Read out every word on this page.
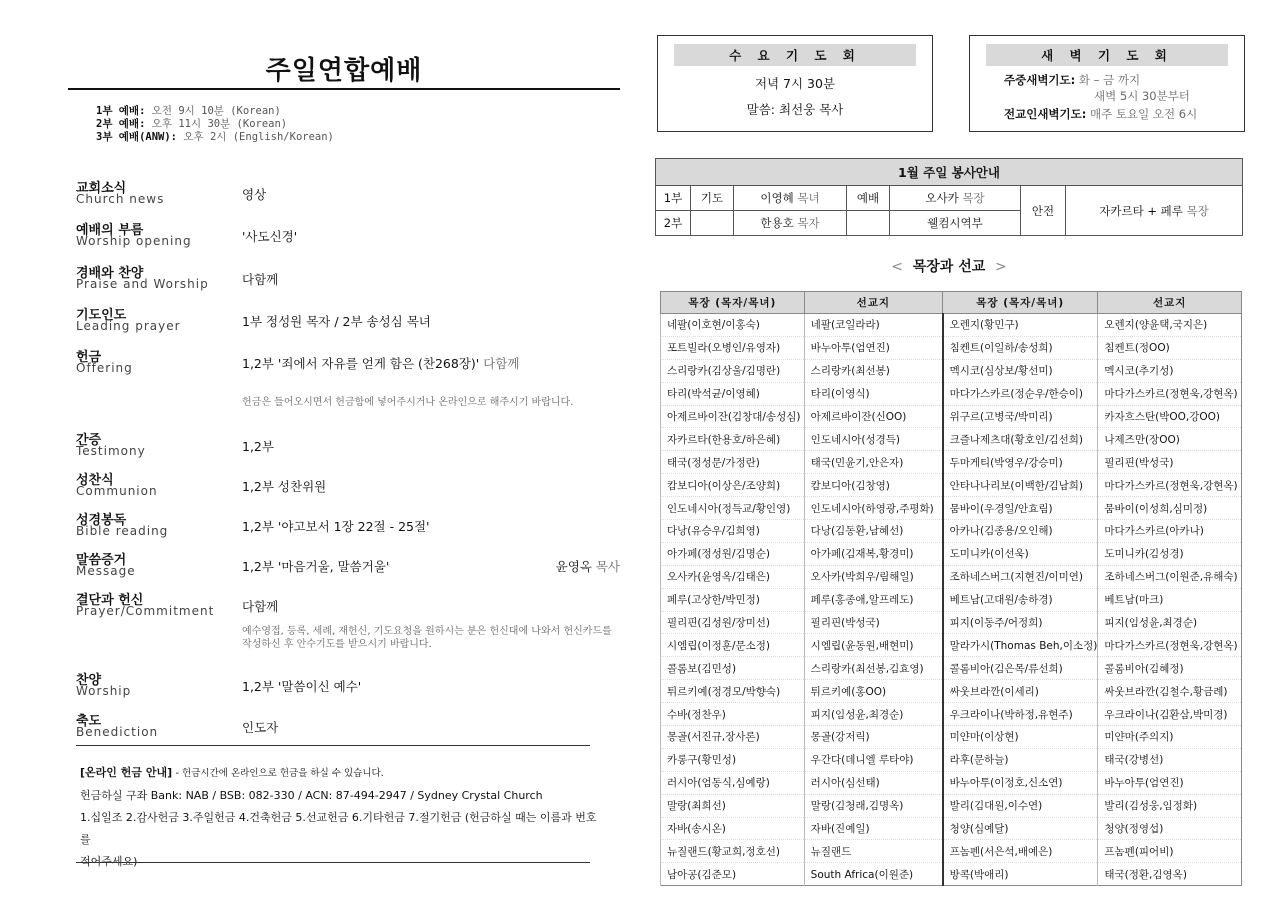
주일연합예배
1부 예배: 오전 9시 10분 (Korean)
2부 예배: 오후 11시 30분 (Korean)
3부 예배(ANW): 오후 2시 (English/Korean)
교회소식
Church news	영상
예배의 부름
Worship opening	'사도신경'
경배와 찬양
Praise and Worship	다함께
기도인도
Leading prayer	1부 정성원 목자 / 2부 송성심 목녀
헌금
Offering	1,2부 '죄에서 자유를 얻게 함은 (찬268장)' 다함께
헌금은 들어오시면서 헌금함에 넣어주시거나 온라인으로 해주시기 바랍니다.
간증
Testimony	1,2부
성찬식
Communion	1,2부 성찬위원
성경봉독
Bible reading	1,2부 '야고보서 1장 22절 - 25절'
말씀증거
Message	1,2부 '마음거울, 말씀거울'	윤영옥 목사
결단과 헌신
Prayer/Commitment 다함께
예수영접, 등록, 세례, 재헌신, 기도요청을 원하시는 분은 헌신대에 나와서 헌신카드를 작성하신 후 안수기도를 받으시기 바랍니다.
찬양
Worship	1,2부 '말씀이신 예수'
축도
Benediction	인도자
[온라인 헌금 안내] - 헌금시간에 온라인으로 헌금을 하실 수 있습니다.
헌금하실 구좌 Bank: NAB / BSB: 082-330 / ACN: 87-494-2947 / Sydney Crystal Church
1.십일조 2.감사헌금 3.주일헌금 4.건축헌금 5.선교헌금 6.기타헌금 7.절기헌금 (헌금하실 때는 이름과 번호를
적어주세요)
수 요 기 도 회
저녁 7시 30분
말씀: 최선웅 목사
새 벽 기 도 회
주중새벽기도: 화 – 금 까지
새벽 5시 30분부터
전교인새벽기도: 매주 토요일 오전 6시
1월 주일 봉사안내						
1부	기도	이영혜 목녀	예배	오사카 목장	안전	자카르타 + 페루 목장
2부		한용호 목자		웰컴시역부		
< 목장과 선교 >
목장 (목자/목녀)	선교지	목장 (목자/목녀)	선교지
네팔(이호현/이홍숙)	네팔(코일라라)	오렌지(황민구)	오렌지(양윤택,국지은)
포트빌라(오병인/유영자)	바누아투(엄연진)	침켄트(이일하/송성희)	침켄트(정OO)
스리랑카(김상울/김명란)	스리랑카(최선봉)	멕시코(심상보/황선미)	멕시코(추기성)
타리(박석균/이영혜)	타리(이영식)	마다가스카르(정순우/한승이)	마다가스카르(정현욱,강현옥)
아제르바이잔(김창대/송성심)	아제르바이잔(신OO)	위구르(고병국/박미리)	카자흐스탄(박OO,강OO)
자카르타(한용호/하은혜)	인도네시아(성경득)	크즐나제츠대(황호인/김선희)	나제즈만(장OO)
태국(정성문/가정란)	태국(민윤기,안은자)	두마게티(박영우/강승미)	필리핀(박성국)
캄보디아(이상은/조양희)	캄보디아(김창영)	안타나나리보(이백한/김남희)	마다가스카르(정현욱,강현옥)
인도네시아(정득교/황인영)	인도네시아(하영광,주평화)	뭄바이(우경일/안효림)	뭄바이(이성희,심미정)
다낭(유승우/김희영)	다낭(김동환,남혜선)	아카나(김종용/오인해)	마다가스카르(아카나)
아가페(정성원/김명순)	아가페(김재복,황경미)	도미니카(이선욱)	도미니카(김성경)
오사카(윤영옥/김태은)	오사카(박희우/림해일)	조하네스버그(지현진/이미연)	조하네스버그(이원준,유해숙)
페루(고상한/박민정)	페루(홍종애,알프레도)	베트남(고대원/송하경)	베트남(마크)
필리핀(김성원/장미선)	필리핀(박성국)	피지(이동주/어정희)	피지(임성윤,최경순)
시엠립(이정훈/문소정)	시엠립(윤동원,배현미)	말라가시(Thomas Beh,이소정)	마다가스카르(정현욱,강현옥)
콜롬보(김민성)	스리랑카(최선봉,김효영)	콜롬비아(김은목/류선희)	콜롬비아(김혜정)
튀르키예(정경모/박향숙)	튀르키예(홍OO)	싸웃브라깐(이세리)	싸웃브라깐(김철수,황금례)
수바(정찬우)	피지(임성윤,최경순)	우크라이나(박하정,유현주)	우크라이나(김환삼,박미경)
몽골(서진규,장사론)	몽골(강저릭)	미얀마(이상현)	미얀마(주의지)
카롱구(황민성)	우간다(데니엘 루타야)	라후(문하늘)	태국(강병선)
러시아(엄동식,심예랑)	러시아(심선태)	바누아투(이정호,신소연)	바누아투(엄연진)
말랑(최희선)	말랑(김청래,김명옥)	발리(김대원,이수연)	발리(김성웅,임정화)
자바(송시온)	자바(진예일)	청양(심예달)	청양(정영섭)
뉴질랜드(황교희,정호선)	뉴질랜드	프놈펜(서은석,배예은)	프놈펜(피어비)
남아공(김준모)	South Africa(이원준)	방콕(박애리)	태국(정환,김영옥)
